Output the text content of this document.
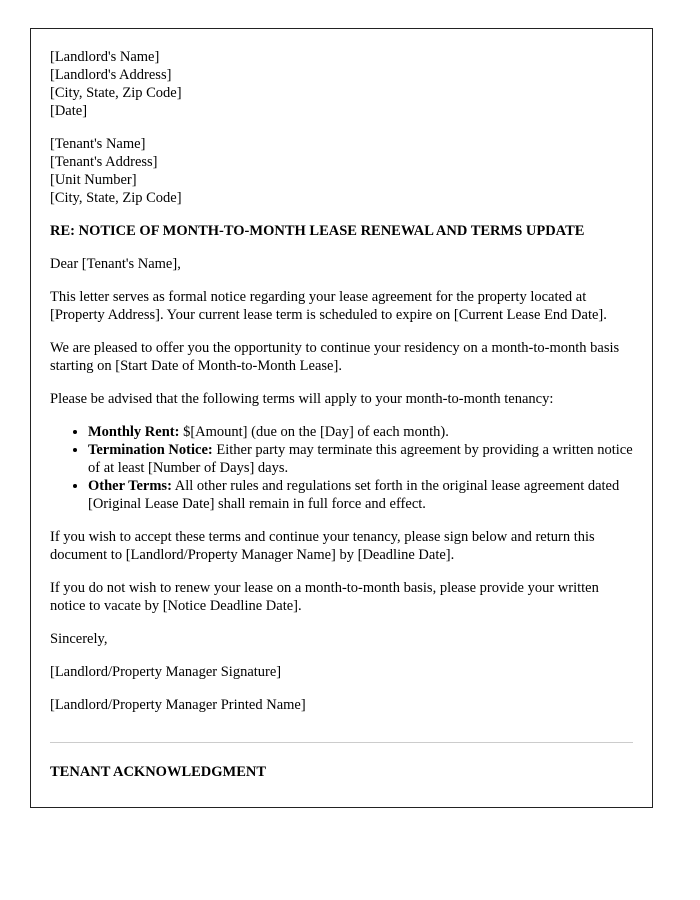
[Landlord's Name]
[Landlord's Address]
[City, State, Zip Code]
[Date]
[Tenant's Name]
[Tenant's Address]
[Unit Number]
[City, State, Zip Code]

RE: NOTICE OF MONTH-TO-MONTH LEASE RENEWAL AND TERMS UPDATE

Dear [Tenant's Name],

This letter serves as formal notice regarding your lease agreement for the property located at [Property Address]. Your current lease term is scheduled to expire on [Current Lease End Date].

We are pleased to offer you the opportunity to continue your residency on a month-to-month basis starting on [Start Date of Month-to-Month Lease].

Please be advised that the following terms will apply to your month-to-month tenancy:

• Monthly Rent: $[Amount] (due on the [Day] of each month).
• Termination Notice: Either party may terminate this agreement by providing a written notice of at least [Number of Days] days.
• Other Terms: All other rules and regulations set forth in the original lease agreement dated [Original Lease Date] shall remain in full force and effect.

If you wish to accept these terms and continue your tenancy, please sign below and return this document to [Landlord/Property Manager Name] by [Deadline Date].

If you do not wish to renew your lease on a month-to-month basis, please provide your written notice to vacate by [Notice Deadline Date].

Sincerely,

[Landlord/Property Manager Signature]

[Landlord/Property Manager Printed Name]

TENANT ACKNOWLEDGMENT
